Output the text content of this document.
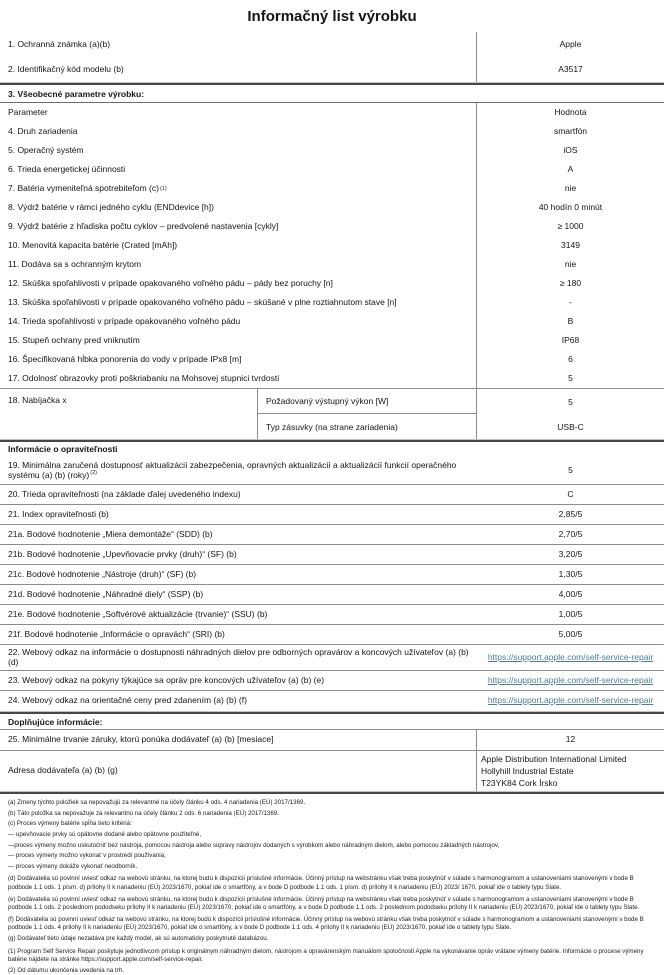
Informačný list výrobku
1. Ochranná známka (a)(b)	Apple
2. Identifikačný kód modelu (b)	A3517
3. Všeobecné parametre výrobku:
Parameter	Hodnota
4. Druh zariadenia	smartfón
5. Operačný systém	iOS
6. Trieda energetickej účinnosti	A
7. Batéria vymeniteľná spotrebiteľom (c) (1)	nie
8. Výdrž batérie v rámci jedného cyklu (ENDdevice [h])	40 hodín 0 minút
9. Výdrž batérie z hľadiska počtu cyklov – predvolené nastavenia [cykly]	≥ 1000
10. Menovitá kapacita batérie (Crated [mAh])	3149
11. Dodáva sa s ochranným krytom	nie
12. Skúška spoľahlivosti v prípade opakovaného voľného pádu – pády bez poruchy [n]	≥ 180
13. Skúška spoľahlivosti v prípade opakovaného voľného pádu – skúšané v plne roztiahnutom stave [n]	-
14. Trieda spoľahlivosti v prípade opakovaného voľného pádu	B
15. Stupeň ochrany pred vniknutím	IP68
16. Špecifikovaná hĺbka ponorenia do vody v prípade IPx8 [m]	6
17. Odolnosť obrazovky proti poškriabaniu na Mohsovej stupnici tvrdosti	5
18. Nabíjačka x	Požadovaný výstupný výkon [W]	5
Typ zásuvky (na strane zariadenia)	USB-C
Informácie o opraviteľnosti
19. Minimálna zaručená dostupnosť aktualizácií zabezpečenia, opravných aktualizácií a aktualizácií funkcií operačného systému (a) (b) (roky)$^{(2)}$	5
20. Trieda opraviteľnosti (na základe ďalej uvedeného indexu)	C
21. Index opraviteľnosti (b)	2,85/5
21a. Bodové hodnotenie „Miera demontáže“ (SDD) (b)	2,70/5
21b. Bodové hodnotenie „Upevňovacie prvky (druh)“ (SF) (b)	3,20/5
21c. Bodové hodnotenie „Nástroje (druh)“ (SF) (b)	1,30/5
21d. Bodové hodnotenie „Náhradné diely“ (SSP) (b)	4,00/5
21e. Bodové hodnotenie „Softvérové aktualizácie (trvanie)“ (SSU) (b)	1,00/5
21f. Bodové hodnotenie „Informácie o opravách“ (SRI) (b)	5,00/5
22. Webový odkaz na informácie o dostupnosti náhradných dielov pre odborných opravárov a koncových užívateľov (a) (b) (d)	https://support.apple.com/self-service-repair
23. Webový odkaz na pokyny týkajúce sa opráv pre koncových užívateľov (a) (b) (e)	https://support.apple.com/self-service-repair
24. Webový odkaz na orientačné ceny pred zdanením (a) (b) (f)	https://support.apple.com/self-service-repair
Doplňujúce informácie:
25. Minimálne trvanie záruky, ktorú ponúka dodávateľ (a) (b) [mesiace]	12
Adresa dodávateľa (a) (b) (g)
Apple Distribution International Limited
Hollyhill Industrial Estate
T23YK84 Cork Írsko
(a) Zmeny týchto položiek sa nepovažujú za relevantné na účely článku 4 ods. 4 nariadenia (EÚ) 2017/1369.
(b) Táto položka sa nepovažuje za relevantnú na účely článku 2 ods. 6 nariadenia (EÚ) 2017/1369.
(c) Proces výmeny batérie spĺňa tieto kritériá:
— upevňovacie prvky sú opätovne dodané alebo opätovne použiteľné,
—proces výmeny možno uskutočniť bez nástroja, pomocou nástroja alebo súpravy nástrojov dodaných s výrobkom alebo náhradným dielom, alebo pomocou základných nástrojov,
— proces výmeny možno vykonať v prostredí používania,
— proces výmeny dokáže vykonať neodborník.
(d) Dodávatelia sú povinní uviesť odkaz na webovú stránku, na ktorej budú k dispozícii príslušné informácie. Účinný prístup na webstránku však treba poskytnúť v súlade s harmonogramom a ustanoveniami stanovenými v bode B podbode 1.1 ods. 1 písm. d) prílohy II k nariadeniu (EÚ) 2023/1670, pokiaľ ide o smartfóny, a v bode D podbode 1.1 ods. 1 písm. d) prílohy II k nariadeniu (EÚ) 2023/ 1670, pokiaľ ide o tablety typu Slate.
(e) Dodávatelia sú povinní uviesť odkaz na webovú stránku, na ktorej budú k dispozícii príslušné informácie. Účinný prístup na webstránku však treba poskytnúť v súlade s harmonogramom a ustanoveniami stanovenými v bode B podbode 1.1 ods. 2 poslednom pododseku prílohy II k nariadeniu (EÚ) 2023/1670, pokiaľ ide o smartfóny, a v bode D podbode 1.1 ods. 2 poslednom pododseku prílohy II k nariadeniu (EÚ) 2023/1670, pokiaľ ide o tablety typu Slate.
(f) Dodávatelia sú povinní uviesť odkaz na webovú stránku, na ktorej budú k dispozícii príslušné informácie. Účinný prístup na webovú stránku však treba poskytnúť v súlade s harmonogramom a ustanoveniami stanovenými v bode B podbode 1.1 ods. 4 prílohy II k nariadeniu (EÚ) 2023/1670, pokiaľ ide o smartfóny, a v bode D podbode 1.1 ods. 4 prílohy II k nariadeniu (EÚ) 2023/1670, pokiaľ ide o tablety typu Slate.
(g) Dodávateľ tieto údaje nezadáva pre každý model, ak sú automaticky poskytnuté databázou.
(1) Program Self Service Repair poskytuje jednotlivcom prístup k originálnym náhradným dielom, nástrojom a opravárenským manuálom spoločnosti Apple na vykonávanie opráv vrátane výmeny batérie. Informácie o procese výmeny batérie nájdete na stránke https://support.apple.com/self-service-repair.
(2) Od dátumu ukončenia uvedenia na trh.
